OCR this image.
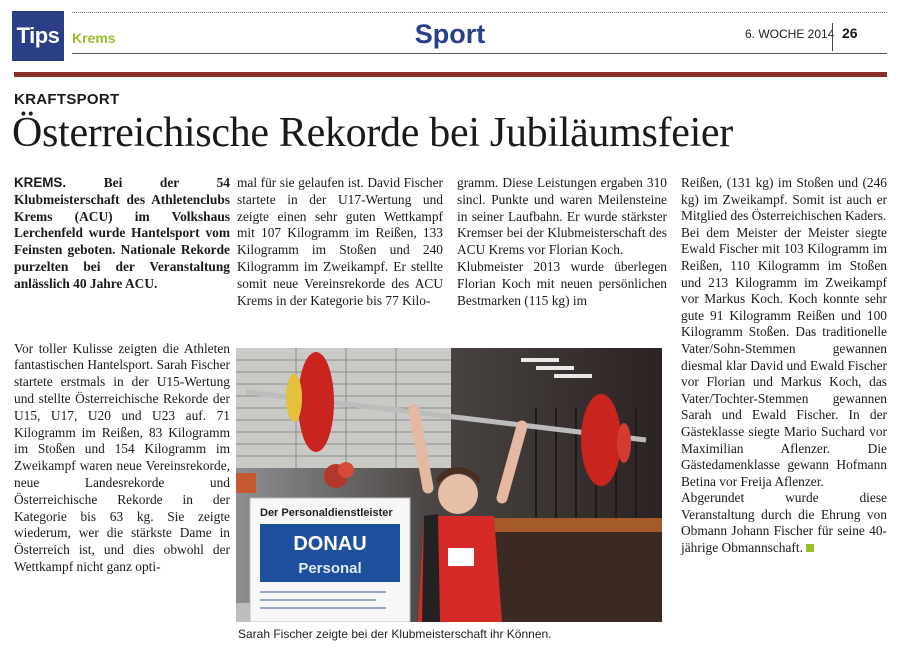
Tips Krems	Sport	6. WOCHE 2014 26
KRAFTSPORT
Österreichische Rekorde bei Jubiläumsfeier

KREMS.	Bei der 54 Klubmeisterschaft des Athletenclubs Krems (ACU) im Volkshaus Lerchenfeld wurde Hantelsport vom Feinsten geboten. Nationale Rekorde purzelten bei der Veranstaltung anlässlich 40 Jahre ACU.

Vor toller Kulisse zeigten die Athleten fantastischen Hantelsport. Sarah Fischer startete erstmals in der U15-Wertung und stellte Österreichische Rekorde der U15, U17, U20 und U23 auf. 71 Kilogramm im Reißen, 83 Kilogramm im Stoßen und 154 Kilogramm im Zweikampf waren neue Vereinsrekorde, neue Landesrekorde und Österreichische Rekorde in der Kategorie bis 63 kg. Sie zeigte wiederum, wer die stärkste Dame in Österreich ist, und dies obwohl der Wettkampf nicht ganz opti-

mal für sie gelaufen ist. David Fischer startete in der U17-Wertung und zeigte einen sehr guten Wettkampf mit 107 Kilogramm im Reißen, 133 Kilogramm im Stoßen und 240 Kilogramm im Zweikampf. Er stellte somit neue Vereinsrekorde des ACU Krems in der Kategorie bis 77 Kilo-

gramm. Diese Leistungen ergaben 310 sincl. Punkte und waren Meilensteine in seiner Laufbahn. Er wurde stärkster Kremser bei der Klubmeisterschaft des ACU Krems vor Florian Koch.

Klubmeister 2013 wurde überlegen Florian Koch mit neuen persönlichen Bestmarken (115 kg) im

Reißen, (131 kg) im Stoßen und (246 kg) im Zweikampf. Somit ist auch er Mitglied des Österreichischen Kaders.

Bei dem Meister der Meister siegte Ewald Fischer mit 103 Kilogramm im Reißen, 110 Kilogramm im Stoßen und 213 Kilogramm im Zweikampf vor Markus Koch. Koch konnte sehr gute 91 Kilogramm Reißen und 100 Kilogramm Stoßen. Das traditionelle Vater/Sohn-Stemmen gewannen diesmal klar David und Ewald Fischer vor Florian und Markus Koch, das Vater/Tochter-Stemmen gewannen Sarah und Ewald Fischer. In der Gästeklasse siegte Mario Suchard vor Maximilian Aflenzer. Die Gästedamenklasse gewann Hofmann Betina vor Freija Aflenzer.

Abgerundet wurde diese Veranstaltung durch die Ehrung von Obmann Johann Fischer für seine 40-jährige Obmannschaft.

Der Personaldienstleister
DONAU
Personal
Sarah Fischer zeigte bei der Klubmeisterschaft ihr Können.
